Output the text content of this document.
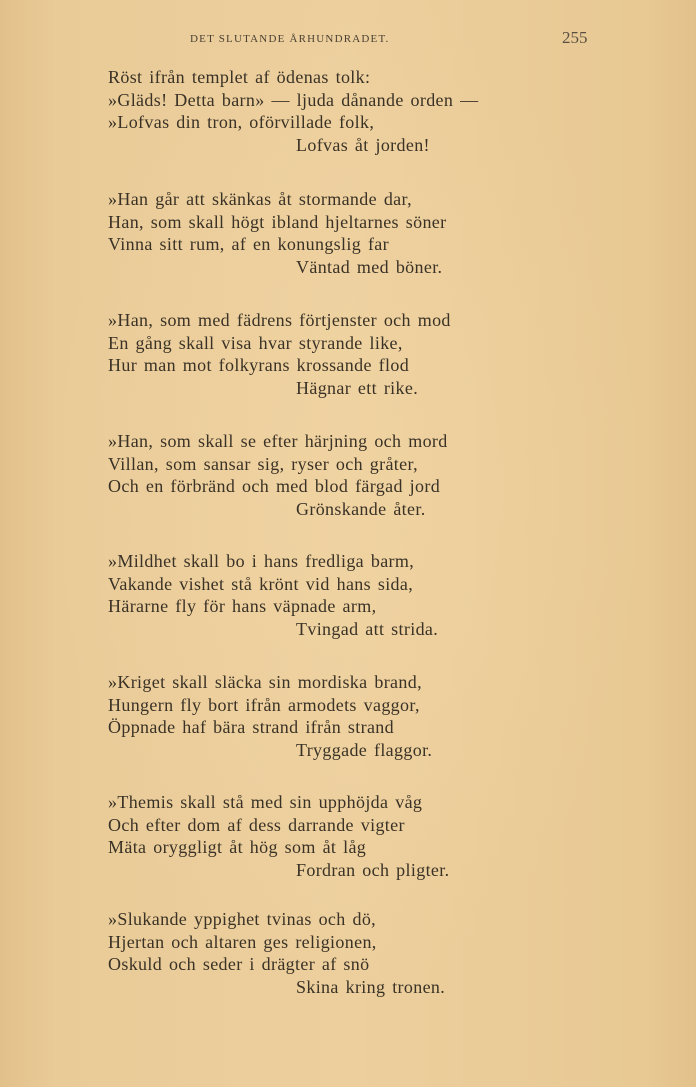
DET SLUTANDE ÅRHUNDRADET.	255
Röst ifrån templet af ödenas tolk:
»Gläds! Detta barn» — ljuda dånande orden —
»Lofvas din tron, oförvillade folk,
Lofvas åt jorden!
»Han går att skänkas åt stormande dar,
Han, som skall högt ibland hjeltarnes söner
Vinna sitt rum, af en konungslig far
Väntad med böner.
»Han, som med fädrens förtjenster och mod
En gång skall visa hvar styrande like,
Hur man mot folkyrans krossande flod
Hägnar ett rike.
»Han, som skall se efter härjning och mord
Villan, som sansar sig, ryser och gråter,
Och en förbränd och med blod färgad jord
Grönskande åter.
»Mildhet skall bo i hans fredliga barm,
Vakande vishet stå krönt vid hans sida,
Härarne fly för hans väpnade arm,
Tvingad att strida.
»Kriget skall släcka sin mordiska brand,
Hungern fly bort ifrån armodets vaggor,
Öppnade haf bära strand ifrån strand
Tryggade flaggor.
»Themis skall stå med sin upphöjda våg
Och efter dom af dess darrande vigter
Mäta oryggligt åt hög som åt låg
Fordran och pligter.
»Slukande yppighet tvinas och dö,
Hjertan och altaren ges religionen,
Oskuld och seder i drägter af snö
Skina kring tronen.
